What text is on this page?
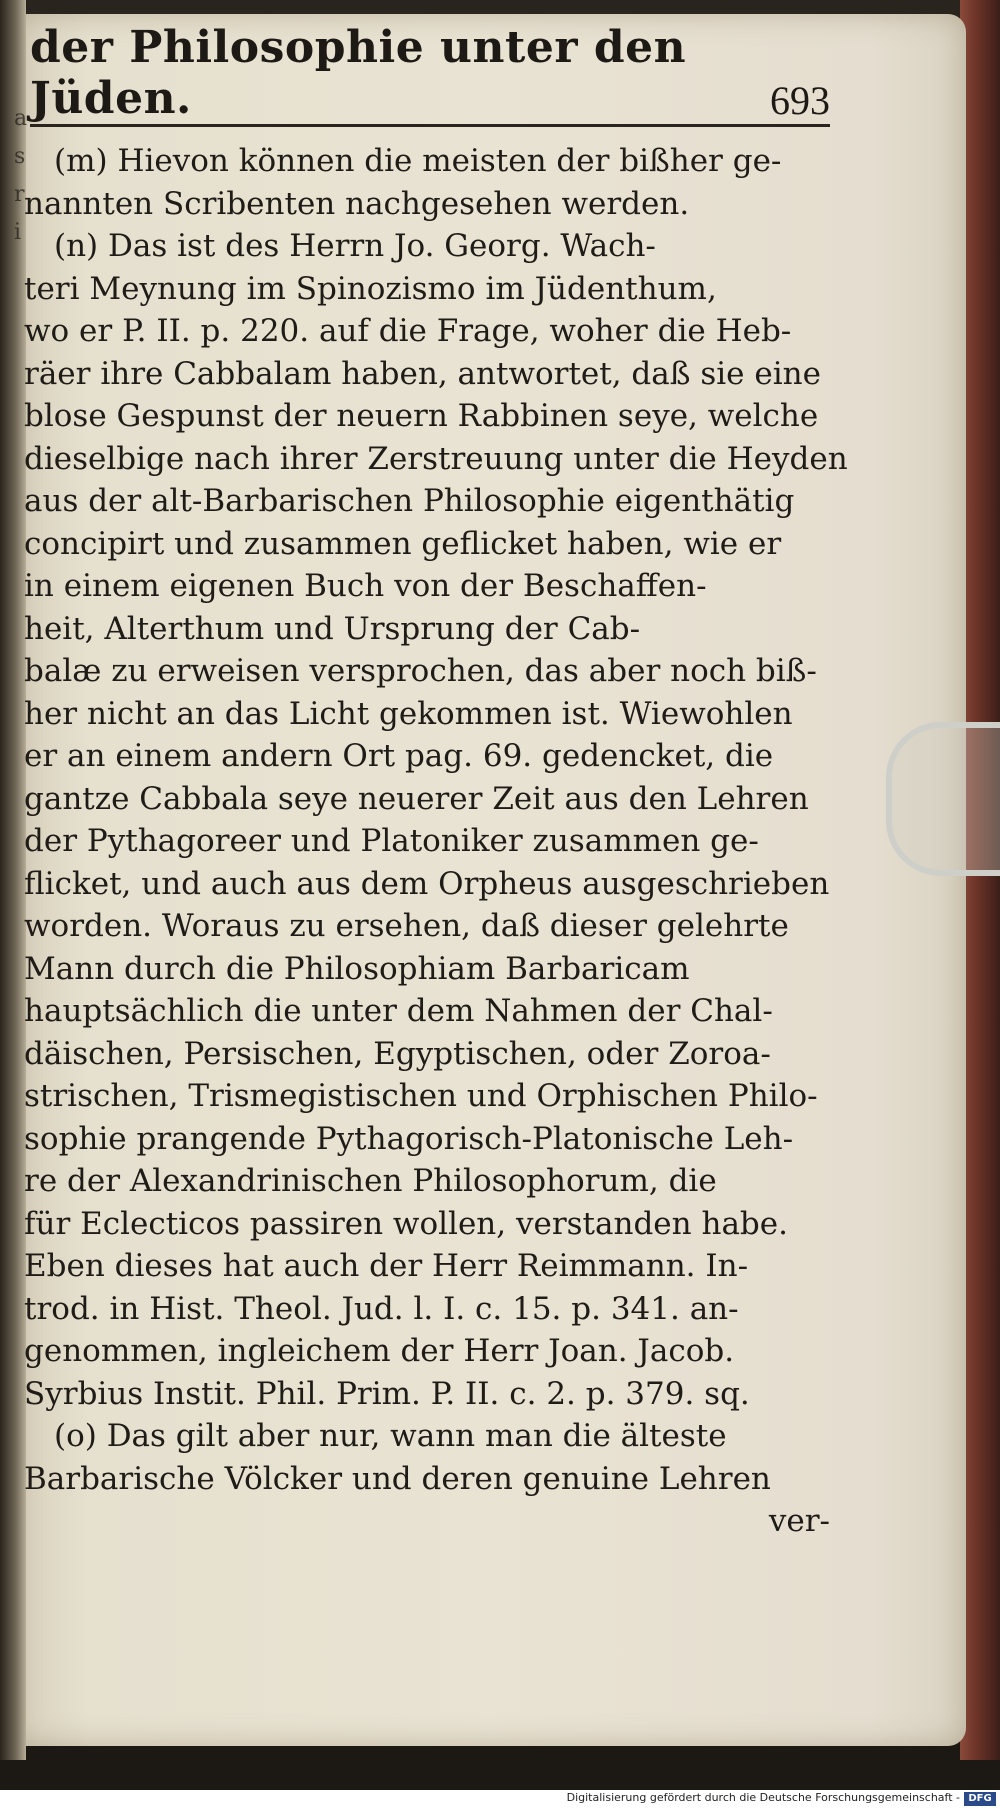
a
s
r
i
der Philosophie unter den Jüden.	693
(m) Hievon können die meisten der bißher ge-
nannten Scribenten nachgesehen werden.
(n) Das ist des Herrn Jo. Georg. Wach-
teri Meynung im Spinozismo im Jüdenthum,
wo er P. II. p. 220. auf die Frage, woher die Heb-
räer ihre Cabbalam haben, antwortet, daß sie eine
blose Gespunst der neuern Rabbinen seye, welche
dieselbige nach ihrer Zerstreuung unter die Heyden
aus der alt-Barbarischen Philosophie eigenthätig
concipirt und zusammen geflicket haben, wie er
in einem eigenen Buch von der Beschaffen-
heit, Alterthum und Ursprung der Cab-
balæ zu erweisen versprochen, das aber noch biß-
her nicht an das Licht gekommen ist. Wiewohlen
er an einem andern Ort pag. 69. gedencket, die
gantze Cabbala seye neuerer Zeit aus den Lehren
der Pythagoreer und Platoniker zusammen ge-
flicket, und auch aus dem Orpheus ausgeschrieben
worden. Woraus zu ersehen, daß dieser gelehrte
Mann durch die Philosophiam Barbaricam
hauptsächlich die unter dem Nahmen der Chal-
däischen, Persischen, Egyptischen, oder Zoroa-
strischen, Trismegistischen und Orphischen Philo-
sophie prangende Pythagorisch-Platonische Leh-
re der Alexandrinischen Philosophorum, die
für Eclecticos passiren wollen, verstanden habe.
Eben dieses hat auch der Herr Reimmann. In-
trod. in Hist. Theol. Jud. l. I. c. 15. p. 341. an-
genommen, ingleichem der Herr Joan. Jacob.
Syrbius Instit. Phil. Prim. P. II. c. 2. p. 379. sq.
(o) Das gilt aber nur, wann man die älteste
Barbarische Völcker und deren genuine Lehren
ver-
Digitalisierung gefördert durch die Deutsche Forschungsgemeinschaft - DFG
